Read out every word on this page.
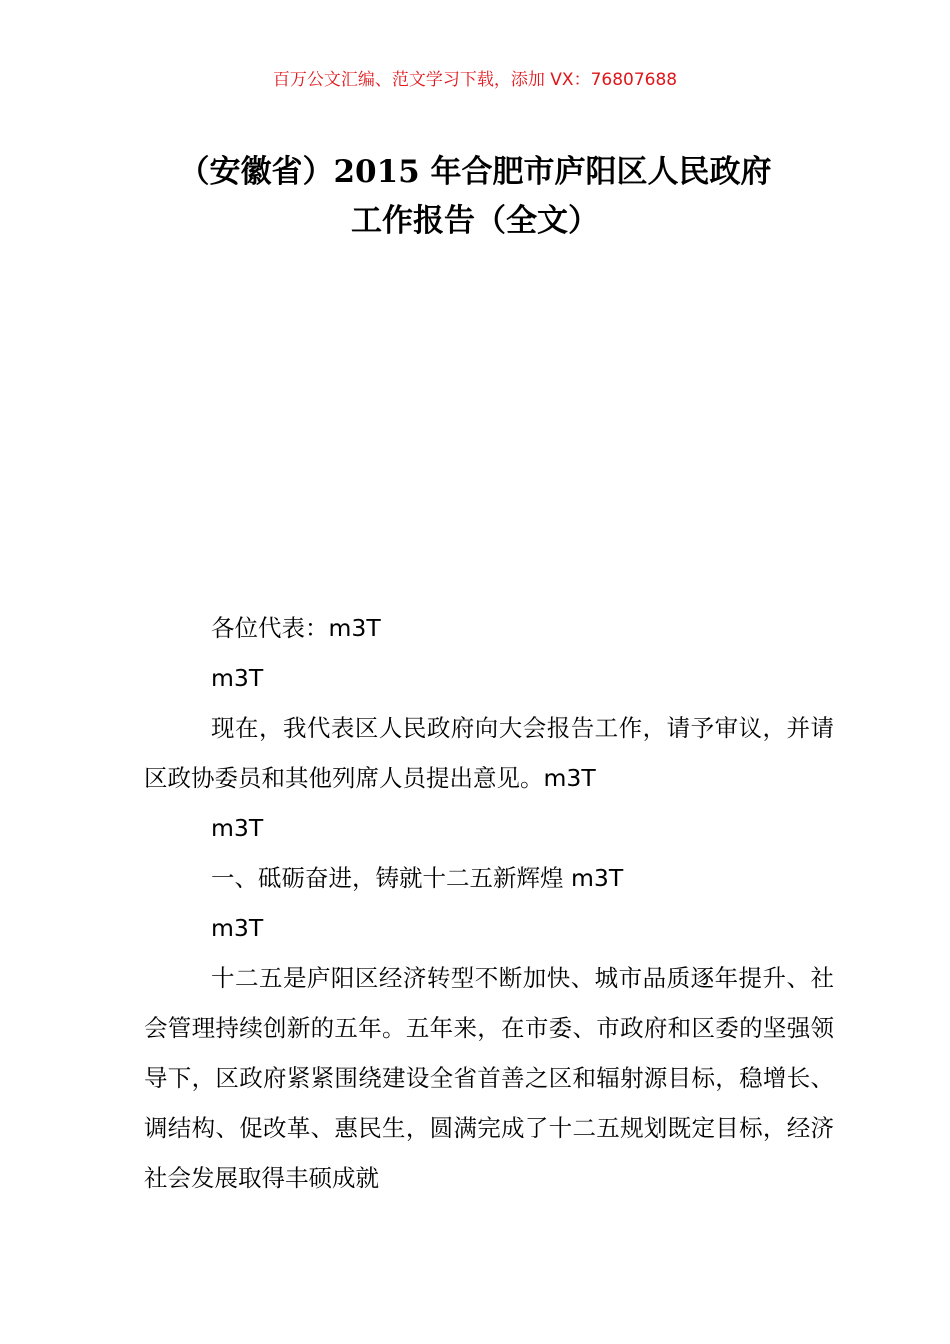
百万公文汇编、范文学习下载，添加 VX：76807688
（安徽省）2015 年合肥市庐阳区人民政府
工作报告（全文）

各位代表：m3T

m3T

现在，我代表区人民政府向大会报告工作，请予审议，并请区政协委员和其他列席人员提出意见。m3T

m3T

一、砥砺奋进，铸就十二五新辉煌 m3T

m3T

十二五是庐阳区经济转型不断加快、城市品质逐年提升、社会管理持续创新的五年。五年来，在市委、市政府和区委的坚强领导下，区政府紧紧围绕建设全省首善之区和辐射源目标，稳增长、调结构、促改革、惠民生，圆满完成了十二五规划既定目标，经济社会发展取得丰硕成就
